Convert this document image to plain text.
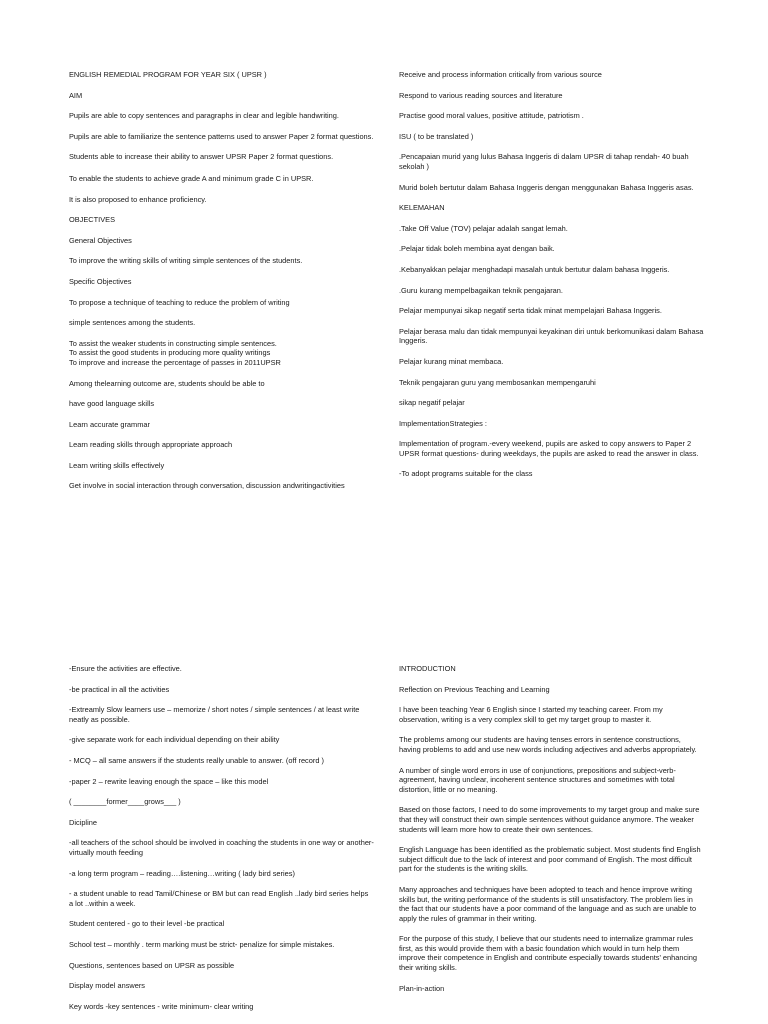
ENGLISH REMEDIAL PROGRAM FOR YEAR SIX ( UPSR )

AIM

Pupils are able to copy sentences and paragraphs in clear and legible handwriting.

Pupils are able to familiarize the sentence patterns used to answer Paper 2 format questions.

Students able to increase their ability to answer UPSR Paper 2 format questions.

To enable the students to achieve grade A and minimum grade C in UPSR.

It is also proposed to enhance proficiency.

OBJECTIVES

General Objectives

To improve the writing skills of writing simple sentences of the students.

Specific Objectives

To propose a technique of teaching to reduce the problem of writing

simple sentences among the students.

To assist the weaker students in constructing simple sentences.
To assist the good students in producing more quality writings
To improve and increase the percentage of passes in 2011UPSR

Among thelearning outcome are, students should be able to

have good language skills

Learn accurate grammar

Learn reading skills through appropriate approach

Learn writing skills effectively

Get involve in social interaction through conversation, discussion andwritingactivities

Receive and process information critically from various source

Respond to various reading sources and literature

Practise good moral values, positive attitude, patriotism .

ISU ( to be translated )

.Pencapaian murid yang lulus Bahasa Inggeris di dalam UPSR di tahap rendah- 40 buah sekolah )

Murid boleh bertutur dalam Bahasa Inggeris dengan menggunakan Bahasa Inggeris asas.

KELEMAHAN

.Take Off Value (TOV) pelajar adalah sangat lemah.

.Pelajar tidak boleh membina ayat dengan baik.

.Kebanyakkan pelajar menghadapi masalah untuk bertutur dalam bahasa Inggeris.

.Guru kurang mempelbagaikan teknik pengajaran.

Pelajar mempunyai sikap negatif serta tidak minat mempelajari Bahasa Inggeris.

Pelajar berasa malu dan tidak mempunyai keyakinan diri untuk berkomunikasi dalam Bahasa Inggeris.

Pelajar kurang minat membaca.

Teknik pengajaran guru yang membosankan mempengaruhi

sikap negatif pelajar

ImplementationStrategies :

Implementation of program.-every weekend, pupils are asked to copy answers to Paper 2 UPSR format questions- during weekdays, the pupils are asked to read the answer in class.

-To adopt programs suitable for the class

-Ensure the activities are effective.

-be practical in all the activities

-Extreamly Slow learners use – memorize / short notes / simple sentences / at least write neatly as possible.

-give separate work for each individual depending on their ability

- MCQ – all same answers if the students really unable to answer. (off record )

-paper 2 – rewrite leaving enough the space – like this model

( ________former____grows___ )

Dicipline

-all teachers of the school should be involved in coaching the students in one way or another- virtually mouth feeding

-a long term program – reading….listening…writing ( lady bird series)

- a student unable to read Tamil/Chinese or BM but can read English ..lady bird series helps a lot ..within a week.

Student centered - go to their level -be practical

School test – monthly . term marking must be strict- penalize for simple mistakes.

Questions, sentences based on UPSR as possible

Display model answers

Key words -key sentences - write minimum- clear writing

INTRODUCTION

Reflection on Previous Teaching and Learning

I have been teaching Year 6 English since I started my teaching career. From my observation, writing is a very complex skill to get my target group to master it.

The problems among our students are having tenses errors in sentence constructions, having problems to add and use new words including adjectives and adverbs appropriately.

A number of single word errors in use of conjunctions, prepositions and subject-verb-agreement, having unclear, incoherent sentence structures and sometimes with total distortion, little or no meaning.

Based on those factors, I need to do some improvements to my target group and make sure that they will construct their own simple sentences without guidance anymore. The weaker students will learn more how to create their own sentences.

English Language has been identified as the problematic subject. Most students find English subject difficult due to the lack of interest and poor command of English. The most difficult part for the students is the writing skills.

Many approaches and techniques have been adopted to teach and hence improve writing skills but, the writing performance of the students is still unsatisfactory. The problem lies in the fact that our students have a poor command of the language and as such are unable to apply the rules of grammar in their writing.

For the purpose of this study, I believe that our students need to internalize grammar rules first, as this would provide them with a basic foundation which would in turn help them improve their competence in English and contribute especially towards students' enhancing their writing skills.

Plan-in-action
